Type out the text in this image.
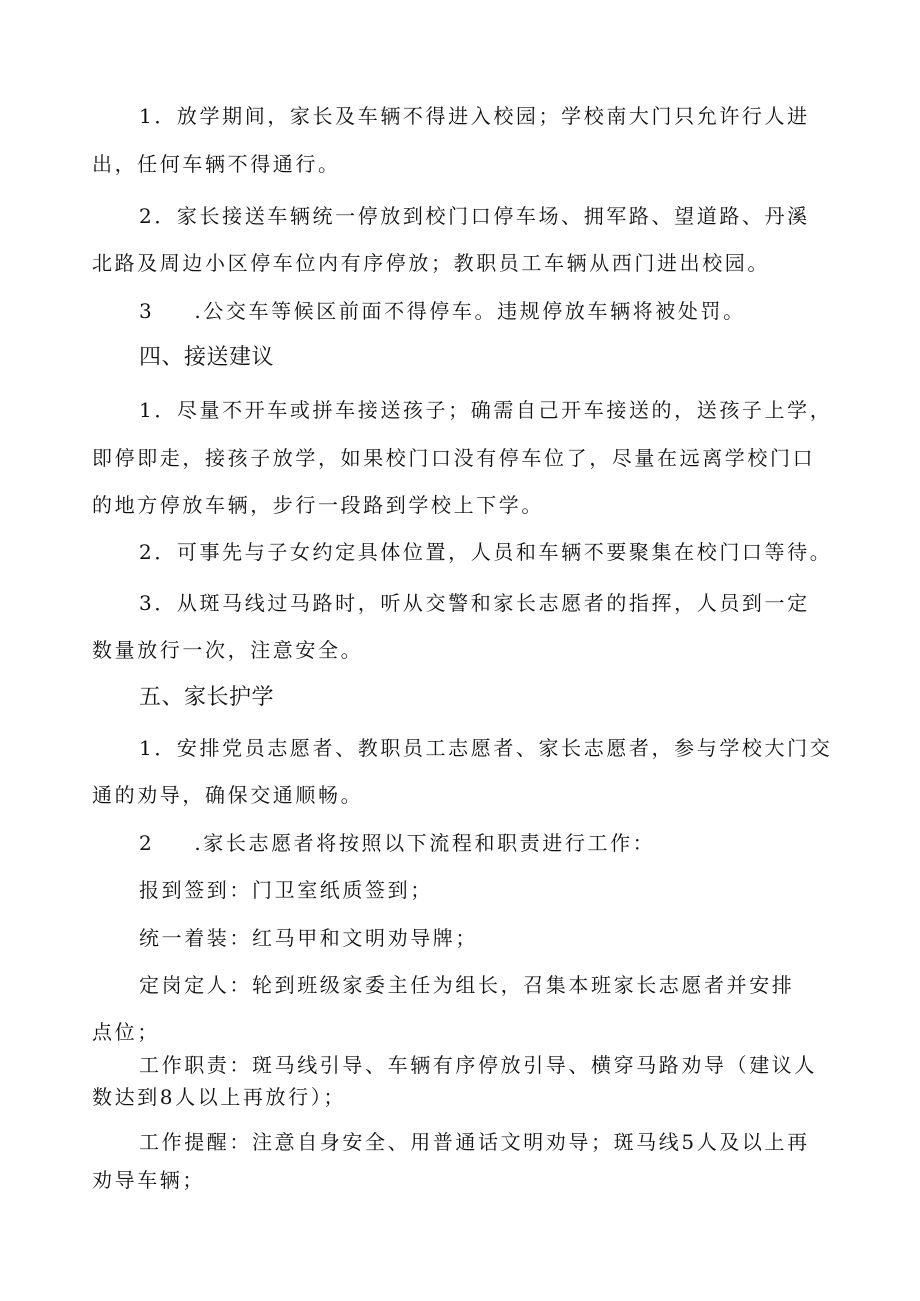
1．放学期间，家长及车辆不得进入校园；学校南大门只允许行人进

出，任何车辆不得通行。

2．家长接送车辆统一停放到校门口停车场、拥军路、望道路、丹溪

北路及周边小区停车位内有序停放；教职员工车辆从西门进出校园。

3 .公交车等候区前面不得停车。违规停放车辆将被处罚。

四、接送建议

1．尽量不开车或拼车接送孩子；确需自己开车接送的，送孩子上学，

即停即走，接孩子放学，如果校门口没有停车位了，尽量在远离学校门口

的地方停放车辆，步行一段路到学校上下学。

2．可事先与子女约定具体位置，人员和车辆不要聚集在校门口等待。

3．从斑马线过马路时，听从交警和家长志愿者的指挥，人员到一定

数量放行一次，注意安全。

五、家长护学

1．安排党员志愿者、教职员工志愿者、家长志愿者，参与学校大门交

通的劝导，确保交通顺畅。

2 .家长志愿者将按照以下流程和职责进行工作：

报到签到：门卫室纸质签到；

统一着装：红马甲和文明劝导牌；

定岗定人：轮到班级家委主任为组长，召集本班家长志愿者并安排

点位；

工作职责：斑马线引导、车辆有序停放引导、横穿马路劝导（建议人

数达到8人以上再放行）；

工作提醒：注意自身安全、用普通话文明劝导；斑马线5人及以上再

劝导车辆；
